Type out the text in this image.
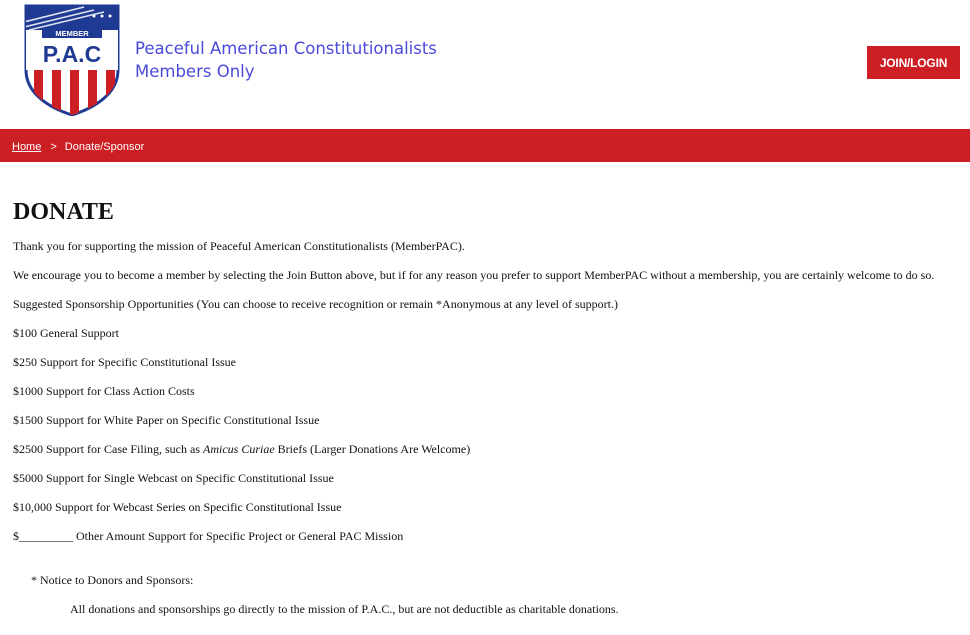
MEMBER
P.A.C Peaceful American Constitutionalists
Members Only	JOIN/LOGIN
Home > Donate/Sponsor
DONATE

Thank you for supporting the mission of Peaceful American Constitutionalists (MemberPAC).

We encourage you to become a member by selecting the Join Button above, but if for any reason you prefer to support MemberPAC without a membership, you are certainly welcome to do so.

Suggested Sponsorship Opportunities (You can choose to receive recognition or remain *Anonymous at any level of support.)

$100 General Support

$250 Support for Specific Constitutional Issue

$1000 Support for Class Action Costs

$1500 Support for White Paper on Specific Constitutional Issue

$2500 Support for Case Filing, such as Amicus Curiae Briefs (Larger Donations Are Welcome)

$5000 Support for Single Webcast on Specific Constitutional Issue

$10,000 Support for Webcast Series on Specific Constitutional Issue

$_________ Other Amount Support for Specific Project or General PAC Mission

* Notice to Donors and Sponsors:

All donations and sponsorships go directly to the mission of P.A.C., but are not deductible as charitable donations.
